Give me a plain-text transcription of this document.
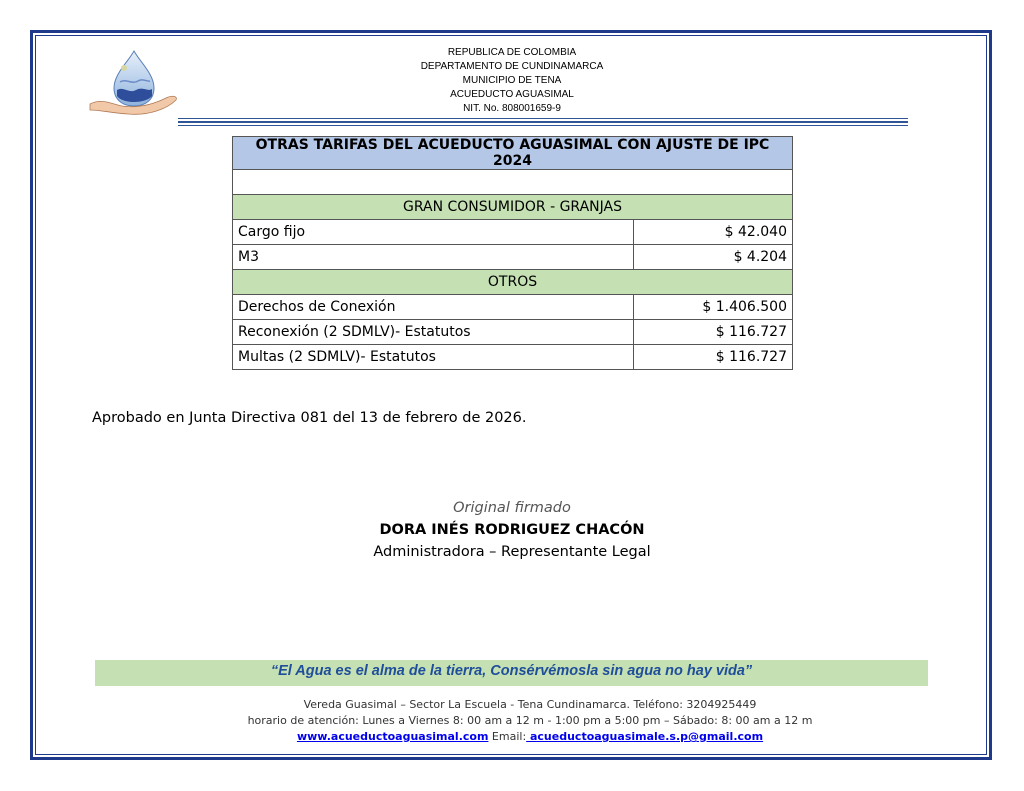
REPUBLICA DE COLOMBIA
DEPARTAMENTO DE CUNDINAMARCA
MUNICIPIO DE TENA
ACUEDUCTO AGUASIMAL
NIT. No. 808001659-9
OTRAS TARIFAS DEL ACUEDUCTO AGUASIMAL CON AJUSTE DE IPC 2024	

GRAN CONSUMIDOR - GRANJAS	
Cargo fijo	$ 42.040
M3	$ 4.204
OTROS	
Derechos de Conexión	$ 1.406.500
Reconexión (2 SDMLV)- Estatutos	$ 116.727
Multas (2 SDMLV)- Estatutos	$ 116.727
Aprobado en Junta Directiva 081 del 13 de febrero de 2026.
Original firmado
DORA INÉS RODRIGUEZ CHACÓN
Administradora – Representante Legal
“El Agua es el alma de la tierra, Consérvémosla sin agua no hay vida”
Vereda Guasimal – Sector La Escuela - Tena Cundinamarca. Teléfono: 3204925449
horario de atención: Lunes a Viernes 8: 00 am a 12 m - 1:00 pm a 5:00 pm – Sábado: 8: 00 am a 12 m
www.acueductoaguasimal.com Email: acueductoaguasimale.s.p@gmail.com
